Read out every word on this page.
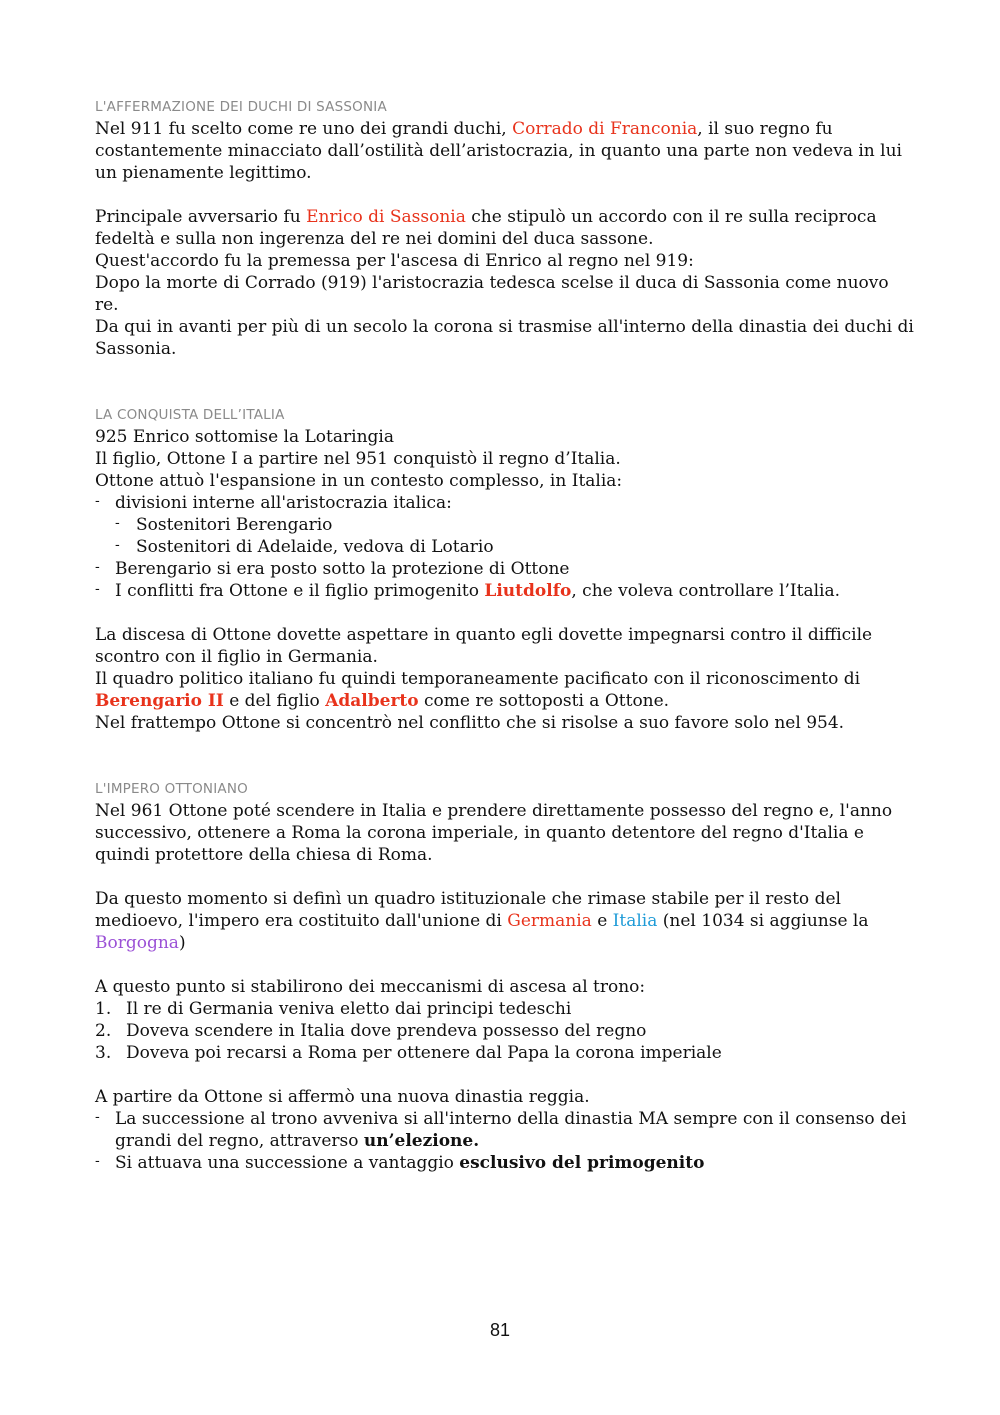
L'AFFERMAZIONE DEI DUCHI DI SASSONIA

Nel 911 fu scelto come re uno dei grandi duchi, Corrado di Franconia, il suo regno fu costantemente minacciato dall’ostilità dell’aristocrazia, in quanto una parte non vedeva in lui un pienamente legittimo.

Principale avversario fu Enrico di Sassonia che stipulò un accordo con il re sulla reciproca fedeltà e sulla non ingerenza del re nei domini del duca sassone.

Quest'accordo fu la premessa per l'ascesa di Enrico al regno nel 919:

Dopo la morte di Corrado (919) l'aristocrazia tedesca scelse il duca di Sassonia come nuovo re.

Da qui in avanti per più di un secolo la corona si trasmise all'interno della dinastia dei duchi di Sassonia.

LA CONQUISTA DELL’ITALIA

925 Enrico sottomise la Lotaringia

Il figlio, Ottone I a partire nel 951 conquistò il regno d’Italia.

Ottone attuò l'espansione in un contesto complesso, in Italia:

- divisioni interne all'aristocrazia italica:
- Sostenitori Berengario
- Sostenitori di Adelaide, vedova di Lotario
- Berengario si era posto sotto la protezione di Ottone
- I conflitti fra Ottone e il figlio primogenito Liutdolfo, che voleva controllare l’Italia.

La discesa di Ottone dovette aspettare in quanto egli dovette impegnarsi contro il difficile scontro con il figlio in Germania.

Il quadro politico italiano fu quindi temporaneamente pacificato con il riconoscimento di

Berengario II e del figlio Adalberto come re sottoposti a Ottone.

Nel frattempo Ottone si concentrò nel conflitto che si risolse a suo favore solo nel 954.

L'IMPERO OTTONIANO

Nel 961 Ottone poté scendere in Italia e prendere direttamente possesso del regno e, l'anno successivo, ottenere a Roma la corona imperiale, in quanto detentore del regno d'Italia e quindi protettore della chiesa di Roma.

Da questo momento si definì un quadro istituzionale che rimase stabile per il resto del medioevo, l'impero era costituito dall'unione di Germania e Italia (nel 1034 si aggiunse la Borgogna)

A questo punto si stabilirono dei meccanismi di ascesa al trono:

1. Il re di Germania veniva eletto dai principi tedeschi
2. Doveva scendere in Italia dove prendeva possesso del regno
3. Doveva poi recarsi a Roma per ottenere dal Papa la corona imperiale

A partire da Ottone si affermò una nuova dinastia reggia.

- La successione al trono avveniva si all'interno della dinastia MA sempre con il consenso dei grandi del regno, attraverso un’elezione.
- Si attuava una successione a vantaggio esclusivo del primogenito
81
